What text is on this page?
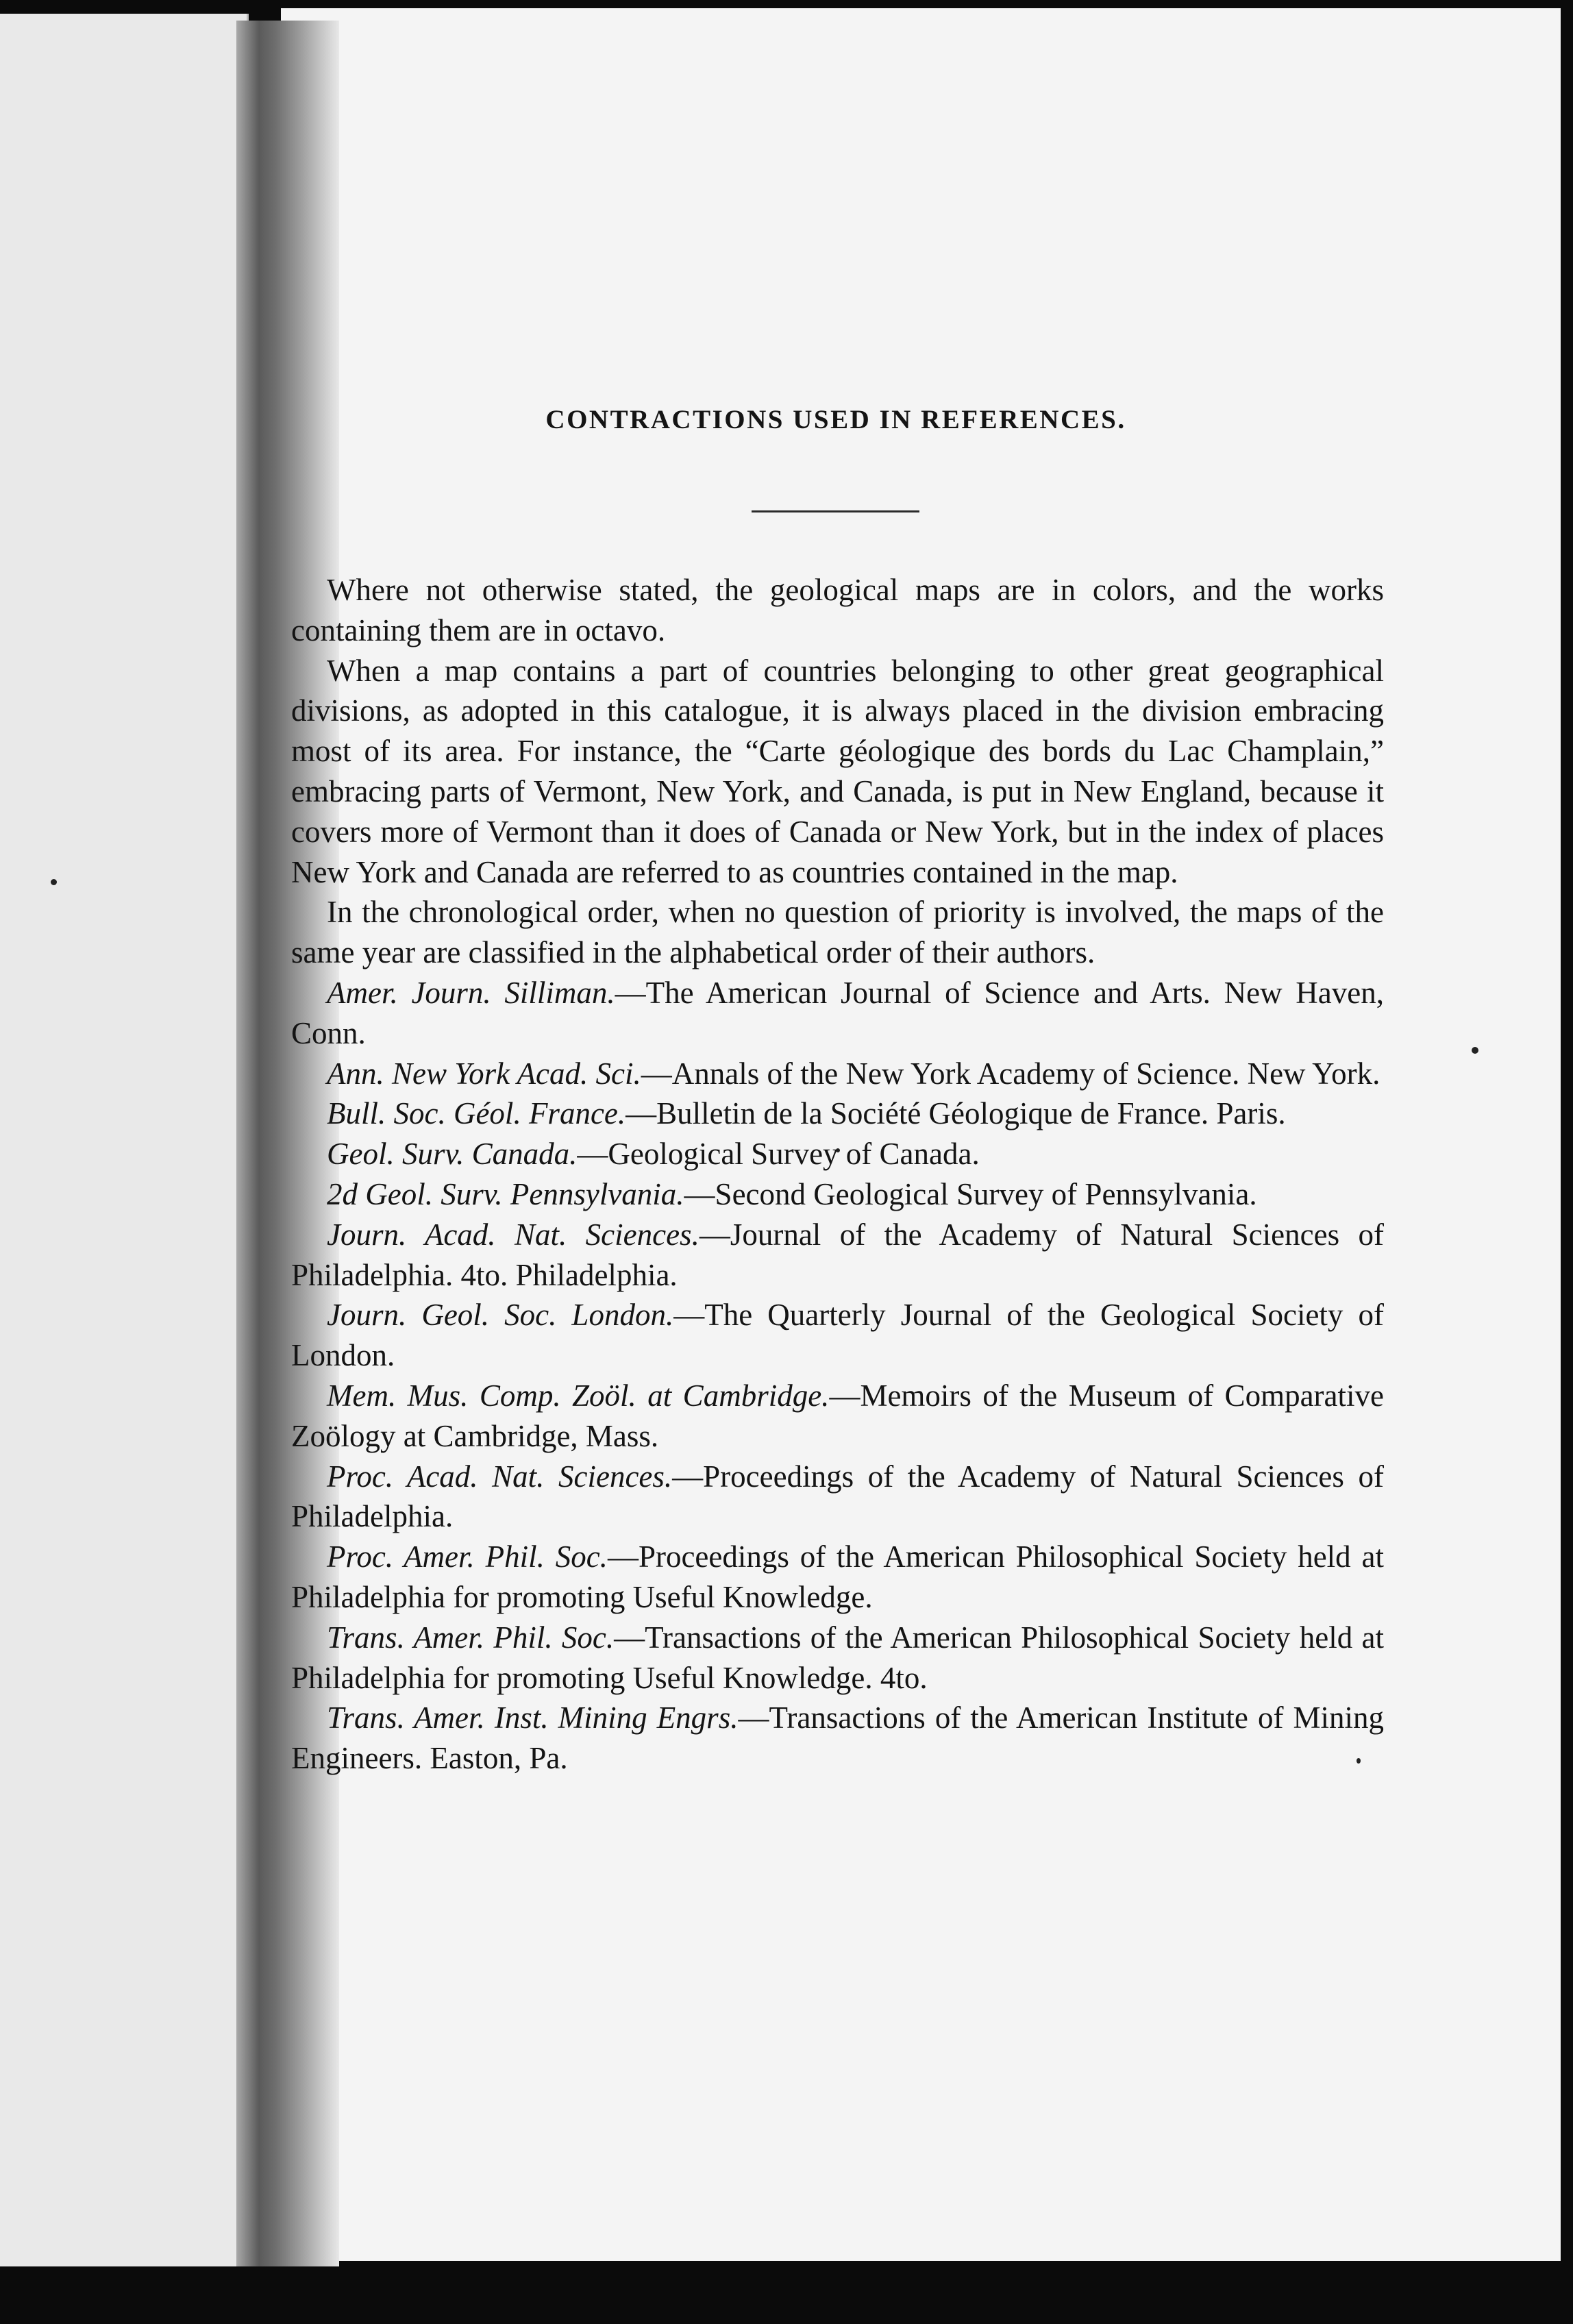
CONTRACTIONS USED IN REFERENCES.

Where not otherwise stated, the geological maps are in colors, and the works containing them are in octavo.

When a map contains a part of countries belonging to other great geographical divisions, as adopted in this catalogue, it is always placed in the division embracing most of its area. For instance, the “Carte géologique des bords du Lac Champlain,” embracing parts of Vermont, New York, and Canada, is put in New England, because it covers more of Vermont than it does of Canada or New York, but in the index of places New York and Canada are referred to as countries contained in the map.

In the chronological order, when no question of priority is involved, the maps of the same year are classified in the alphabetical order of their authors.

Amer. Journ. Silliman.—The American Journal of Science and Arts. New Haven, Conn.

Ann. New York Acad. Sci.—Annals of the New York Academy of Science. New York.

Bull. Soc. Géol. France.—Bulletin de la Société Géologique de France. Paris.

Geol. Surv. Canada.—Geological Survey of Canada.

2d Geol. Surv. Pennsylvania.—Second Geological Survey of Pennsylvania.

Journ. Acad. Nat. Sciences.—Journal of the Academy of Natural Sciences of Philadelphia. 4to. Philadelphia.

Journ. Geol. Soc. London.—The Quarterly Journal of the Geological Society of London.

Mem. Mus. Comp. Zoöl. at Cambridge.—Memoirs of the Museum of Comparative Zoölogy at Cambridge, Mass.

Proc. Acad. Nat. Sciences.—Proceedings of the Academy of Natural Sciences of Philadelphia.

Proc. Amer. Phil. Soc.—Proceedings of the American Philosophical Society held at Philadelphia for promoting Useful Knowledge.

Trans. Amer. Phil. Soc.—Transactions of the American Philosophical Society held at Philadelphia for promoting Useful Knowledge. 4to.

Trans. Amer. Inst. Mining Engrs.—Transactions of the American Institute of Mining Engineers. Easton, Pa.
